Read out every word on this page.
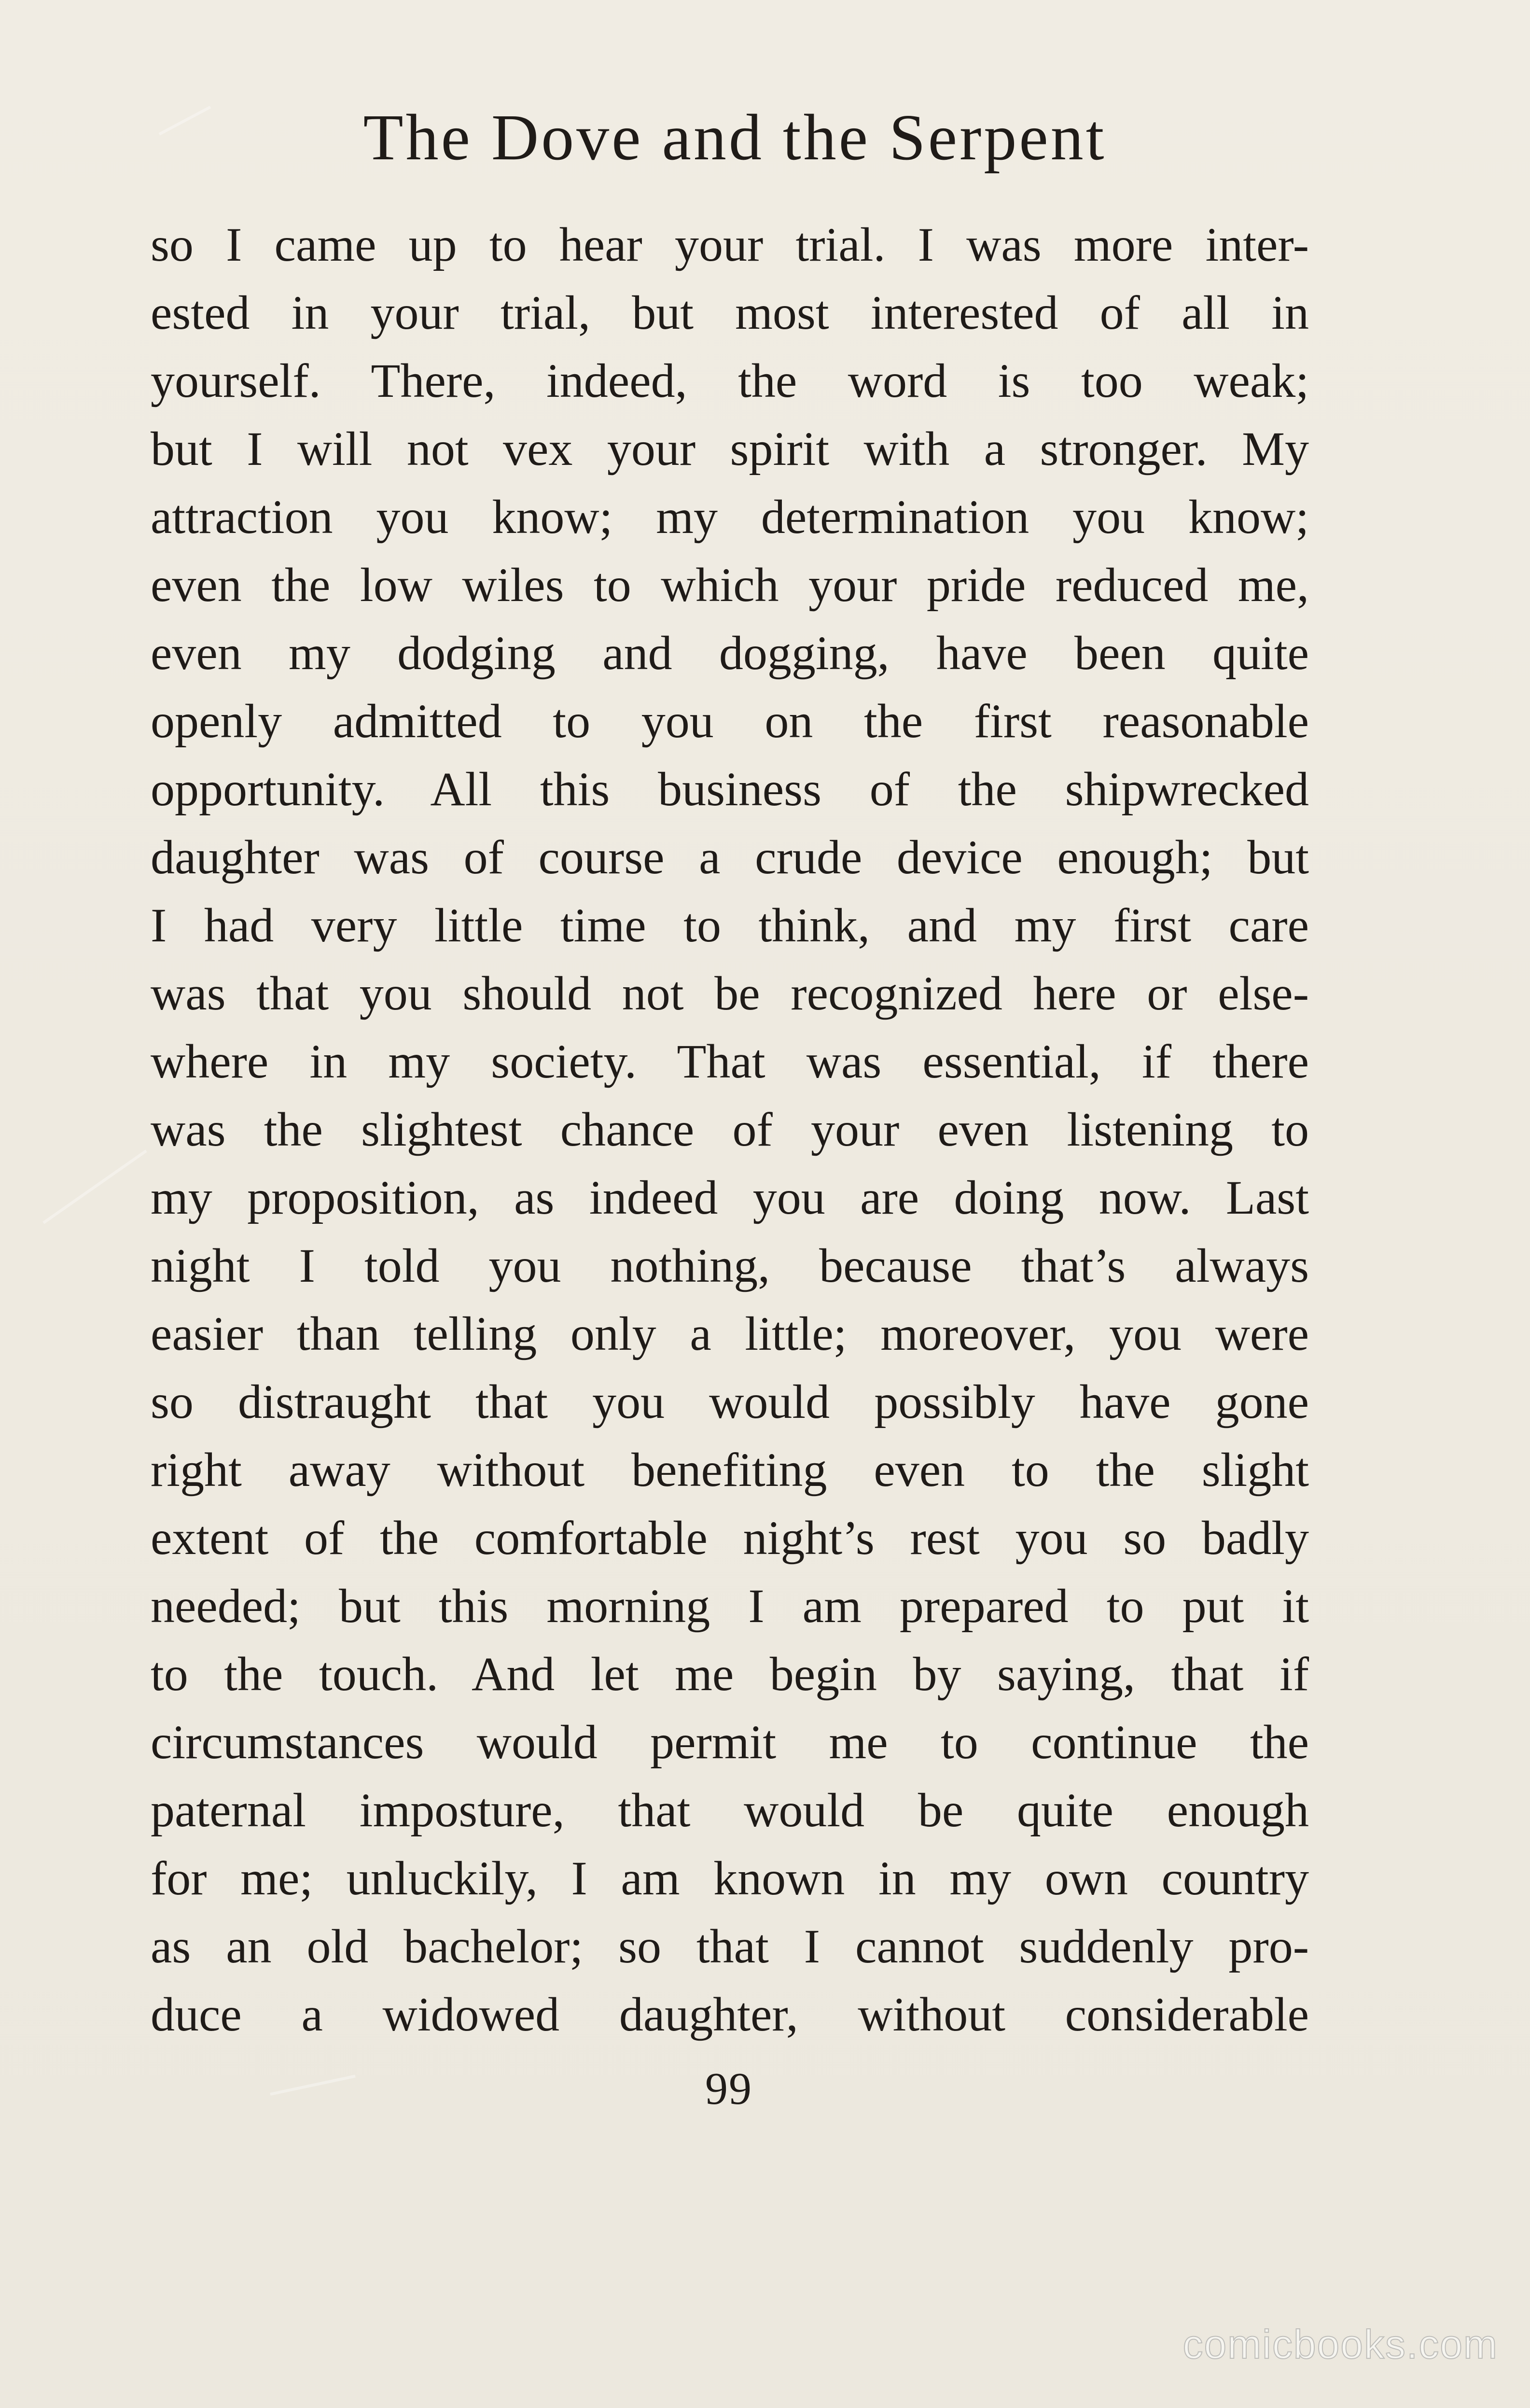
The Dove and the Serpent
so I came up to hear your trial. I was more inter-
ested in your trial, but most interested of all in
yourself. There, indeed, the word is too weak;
but I will not vex your spirit with a stronger. My
attraction you know; my determination you know;
even the low wiles to which your pride reduced me,
even my dodging and dogging, have been quite
openly admitted to you on the first reasonable
opportunity. All this business of the shipwrecked
daughter was of course a crude device enough; but
I had very little time to think, and my first care
was that you should not be recognized here or else-
where in my society. That was essential, if there
was the slightest chance of your even listening to
my proposition, as indeed you are doing now. Last
night I told you nothing, because that’s always
easier than telling only a little; moreover, you were
so distraught that you would possibly have gone
right away without benefiting even to the slight
extent of the comfortable night’s rest you so badly
needed; but this morning I am prepared to put it
to the touch. And let me begin by saying, that if
circumstances would permit me to continue the
paternal imposture, that would be quite enough
for me; unluckily, I am known in my own country
as an old bachelor; so that I cannot suddenly pro-
duce a widowed daughter, without considerable
99
comicbooks.com
